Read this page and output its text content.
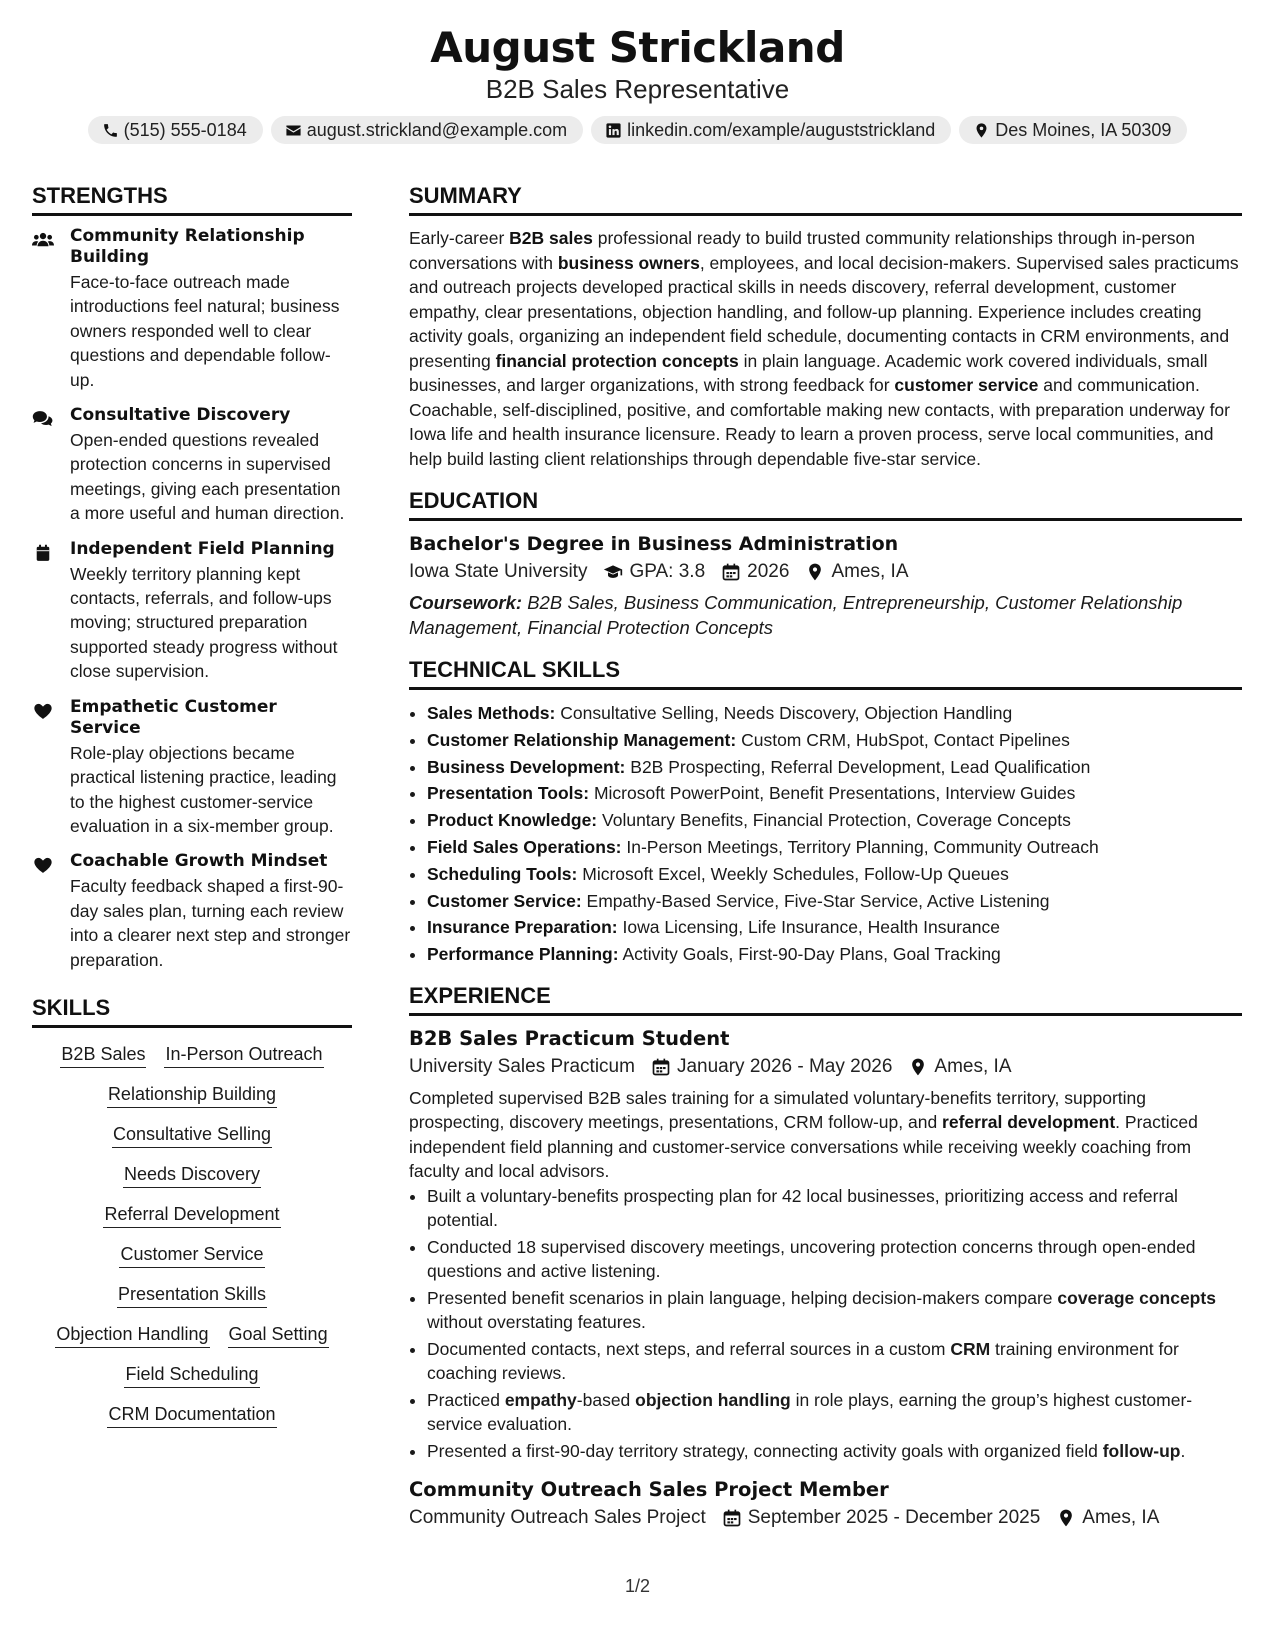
August Strickland
B2B Sales Representative
(515) 555-0184	august.strickland@example.com	linkedin.com/example/auguststrickland	Des Moines, IA 50309
STRENGTHS
Community Relationship Building
Face-to-face outreach made introductions feel natural; business owners responded well to clear questions and dependable follow-up.
Consultative Discovery
Open-ended questions revealed protection concerns in supervised meetings, giving each presentation a more useful and human direction.
Independent Field Planning
Weekly territory planning kept contacts, referrals, and follow-ups moving; structured preparation supported steady progress without close supervision.
Empathetic Customer Service
Role-play objections became practical listening practice, leading to the highest customer-service evaluation in a six-member group.
Coachable Growth Mindset
Faculty feedback shaped a first-90-day sales plan, turning each review into a clearer next step and stronger preparation.
SKILLS
B2B Sales In-Person Outreach
Relationship Building
Consultative Selling
Needs Discovery
Referral Development
Customer Service
Presentation Skills
Objection Handling Goal Setting
Field Scheduling
CRM Documentation
SUMMARY
Early-career B2B sales professional ready to build trusted community relationships through in-person conversations with business owners, employees, and local decision-makers. Supervised sales practicums and outreach projects developed practical skills in needs discovery, referral development, customer empathy, clear presentations, objection handling, and follow-up planning. Experience includes creating activity goals, organizing an independent field schedule, documenting contacts in CRM environments, and presenting financial protection concepts in plain language. Academic work covered individuals, small businesses, and larger organizations, with strong feedback for customer service and communication. Coachable, self-disciplined, positive, and comfortable making new contacts, with preparation underway for Iowa life and health insurance licensure. Ready to learn a proven process, serve local communities, and help build lasting client relationships through dependable five-star service.
EDUCATION
Bachelor's Degree in Business Administration
Iowa State University GPA: 3.8 2026 Ames, IA
Coursework: B2B Sales, Business Communication, Entrepreneurship, Customer Relationship Management, Financial Protection Concepts
TECHNICAL SKILLS
• Sales Methods: Consultative Selling, Needs Discovery, Objection Handling
• Customer Relationship Management: Custom CRM, HubSpot, Contact Pipelines
• Business Development: B2B Prospecting, Referral Development, Lead Qualification
• Presentation Tools: Microsoft PowerPoint, Benefit Presentations, Interview Guides
• Product Knowledge: Voluntary Benefits, Financial Protection, Coverage Concepts
• Field Sales Operations: In-Person Meetings, Territory Planning, Community Outreach
• Scheduling Tools: Microsoft Excel, Weekly Schedules, Follow-Up Queues
• Customer Service: Empathy-Based Service, Five-Star Service, Active Listening
• Insurance Preparation: Iowa Licensing, Life Insurance, Health Insurance
• Performance Planning: Activity Goals, First-90-Day Plans, Goal Tracking
EXPERIENCE
B2B Sales Practicum Student
University Sales Practicum January 2026 - May 2026 Ames, IA
Completed supervised B2B sales training for a simulated voluntary-benefits territory, supporting prospecting, discovery meetings, presentations, CRM follow-up, and referral development. Practiced independent field planning and customer-service conversations while receiving weekly coaching from faculty and local advisors.
• Built a voluntary-benefits prospecting plan for 42 local businesses, prioritizing access and referral potential.
• Conducted 18 supervised discovery meetings, uncovering protection concerns through open-ended questions and active listening.
• Presented benefit scenarios in plain language, helping decision-makers compare coverage concepts without overstating features.
• Documented contacts, next steps, and referral sources in a custom CRM training environment for coaching reviews.
• Practiced empathy-based objection handling in role plays, earning the group’s highest customer-service evaluation.
• Presented a first-90-day territory strategy, connecting activity goals with organized field follow-up.
Community Outreach Sales Project Member
Community Outreach Sales Project September 2025 - December 2025 Ames, IA
1/2
